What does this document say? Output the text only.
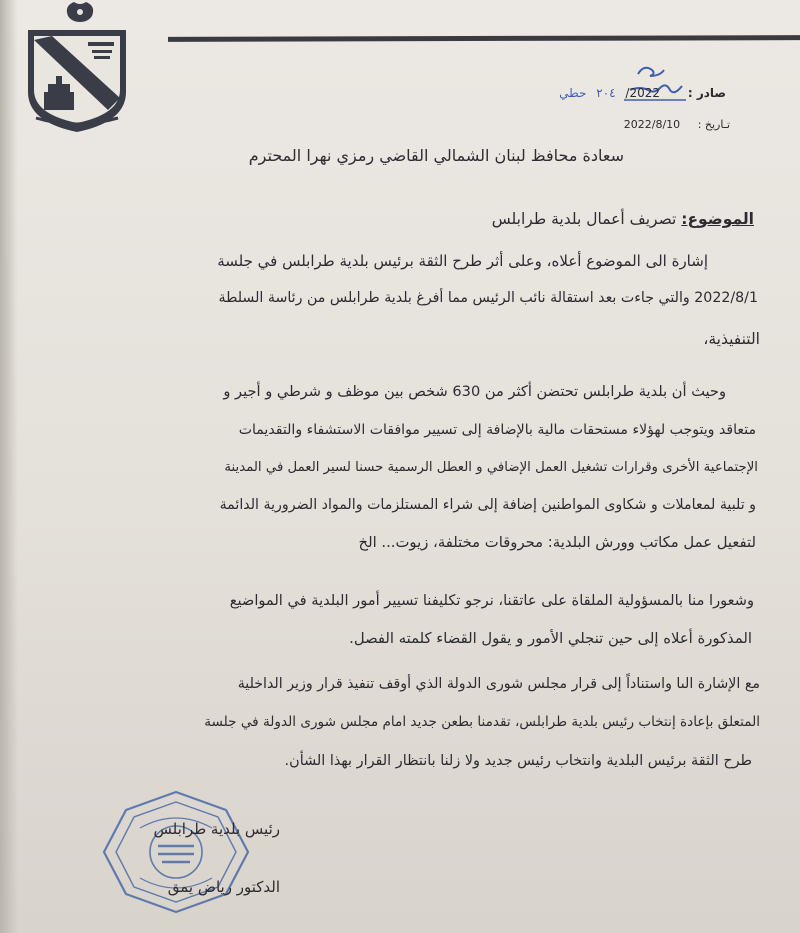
صادر : 2022/ ٢٠٤ حطي
تـاريخ : 2022/8/10
سعادة محافظ لبنان الشمالي القاضي رمزي نهرا المحترم
الموضوع: تصريف أعمال بلدية طرابلس
إشارة الى الموضوع أعلاه، وعلى أثر طرح الثقة برئيس بلدية طرابلس في جلسة
2022/8/1 والتي جاءت بعد استقالة نائب الرئيس مما أفرغ بلدية طرابلس من رئاسة السلطة
التنفيذية،
وحيث أن بلدية طرابلس تحتضن أكثر من 630 شخص بين موظف و شرطي و أجير و
متعاقد ويتوجب لهؤلاء مستحقات مالية بالإضافة إلى تسيير موافقات الاستشفاء والتقديمات
الإجتماعية الأخرى وقرارات تشغيل العمل الإضافي و العطل الرسمية حسنا لسير العمل في المدينة
و تلبية لمعاملات و شكاوى المواطنين إضافة إلى شراء المستلزمات والمواد الضرورية الدائمة
لتفعيل عمل مكاتب وورش البلدية: محروقات مختلفة، زيوت... الخ
وشعورا منا بالمسؤولية الملقاة على عاتقنا، نرجو تكليفنا تسيير أمور البلدية في المواضيع
المذكورة أعلاه إلى حين تنجلي الأمور و يقول القضاء كلمته الفصل.
مع الإشارة الىا واستناداً إلى قرار مجلس شورى الدولة الذي أوقف تنفيذ قرار وزير الداخلية
المتعلق بإعادة إنتخاب رئيس بلدية طرابلس، تقدمنا بطعن جديد امام مجلس شورى الدولة في جلسة
طرح الثقة برئيس البلدية وانتخاب رئيس جديد ولا زلنا بانتظار القرار بهذا الشأن.
رئيس بلدية طرابلس
الدكتور رياض يمق
